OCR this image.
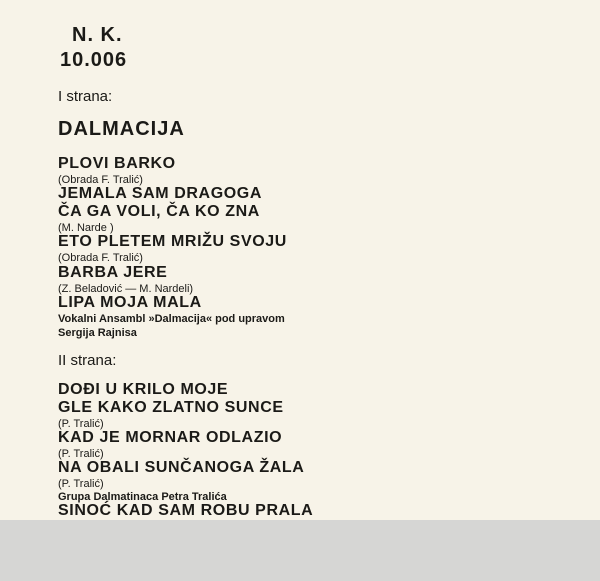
N. K.
10.006
I strana:
DALMACIJA
PLOVI BARKO
(Obrada F. Tralić)
JEMALA SAM DRAGOGA
ČA GA VOLI, ČA KO ZNA
(M. Narde )
ETO PLETEM MRIŽU SVOJU
(Obrada F. Tralić)
BARBA JERE
(Z. Beladović — M. Nardeli)
LIPA MOJA MALA
Vokalni Ansambl »Dalmacija« pod upravom
Sergija Rajnisa
II strana:
DOĐI U KRILO MOJE
GLE KAKO ZLATNO SUNCE
(P. Tralić)
KAD JE MORNAR ODLAZIO
(P. Tralić)
NA OBALI SUNČANOGA ŽALA
(P. Tralić)
Grupa Dalmatinaca Petra Tralića
SINOĆ KAD SAM ROBU PRALA
